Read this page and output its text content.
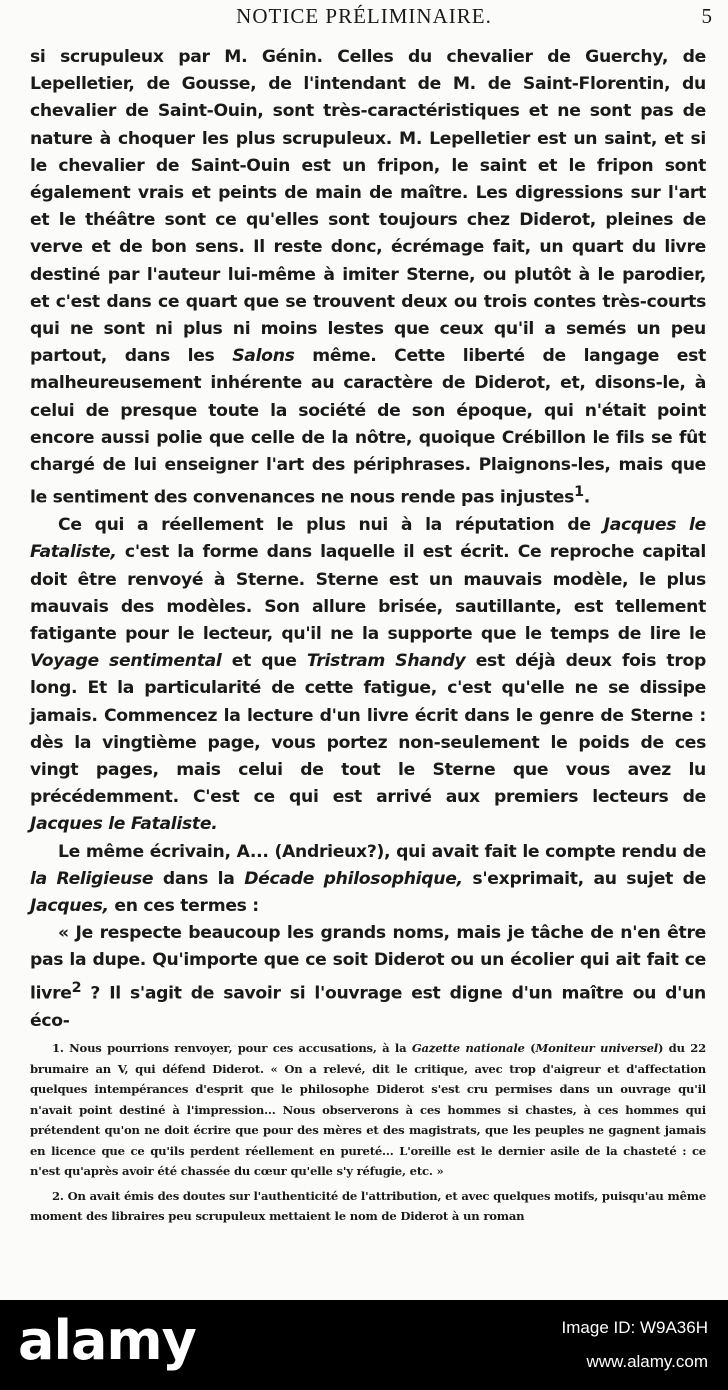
NOTICE PRÉLIMINAIRE.	5

si scrupuleux par M. Génin. Celles du chevalier de Guerchy, de Lepelletier, de Gousse, de l'intendant de M. de Saint-Florentin, du chevalier de Saint-Ouin, sont très-caractéristiques et ne sont pas de nature à choquer les plus scrupuleux. M. Lepelletier est un saint, et si le chevalier de Saint-Ouin est un fripon, le saint et le fripon sont également vrais et peints de main de maître. Les digressions sur l'art et le théâtre sont ce qu'elles sont toujours chez Diderot, pleines de verve et de bon sens. Il reste donc, écrémage fait, un quart du livre destiné par l'auteur lui-même à imiter Sterne, ou plutôt à le parodier, et c'est dans ce quart que se trouvent deux ou trois contes très-courts qui ne sont ni plus ni moins lestes que ceux qu'il a semés un peu partout, dans les Salons même. Cette liberté de langage est malheureusement inhérente au caractère de Diderot, et, disons-le, à celui de presque toute la société de son époque, qui n'était point encore aussi polie que celle de la nôtre, quoique Crébillon le fils se fût chargé de lui enseigner l'art des périphrases. Plaignons-les, mais que le sentiment des convenances ne nous rende pas injustes$^1$.

Ce qui a réellement le plus nui à la réputation de Jacques le Fataliste, c'est la forme dans laquelle il est écrit. Ce reproche capital doit être renvoyé à Sterne. Sterne est un mauvais modèle, le plus mauvais des modèles. Son allure brisée, sautillante, est tellement fatigante pour le lecteur, qu'il ne la supporte que le temps de lire le Voyage sentimental et que Tristram Shandy est déjà deux fois trop long. Et la particularité de cette fatigue, c'est qu'elle ne se dissipe jamais. Commencez la lecture d'un livre écrit dans le genre de Sterne : dès la vingtième page, vous portez non-seulement le poids de ces vingt pages, mais celui de tout le Sterne que vous avez lu précédemment. C'est ce qui est arrivé aux premiers lecteurs de Jacques le Fataliste.

Le même écrivain, A... (Andrieux?), qui avait fait le compte rendu de la Religieuse dans la Décade philosophique, s'exprimait, au sujet de Jacques, en ces termes :

« Je respecte beaucoup les grands noms, mais je tâche de n'en être pas la dupe. Qu'importe que ce soit Diderot ou un écolier qui ait fait ce livre$^2$ ? Il s'agit de savoir si l'ouvrage est digne d'un maître ou d'un éco-

1. Nous pourrions renvoyer, pour ces accusations, à la Gazette nationale (Moniteur universel) du 22 brumaire an V, qui défend Diderot. « On a relevé, dit le critique, avec trop d'aigreur et d'affectation quelques intempérances d'esprit que le philosophe Diderot s'est cru permises dans un ouvrage qu'il n'avait point destiné à l'impression... Nous observerons à ces hommes si chastes, à ces hommes qui prétendent qu'on ne doit écrire que pour des mères et des magistrats, que les peuples ne gagnent jamais en licence que ce qu'ils perdent réellement en pureté... L'oreille est le dernier asile de la chasteté : ce n'est qu'après avoir été chassée du cœur qu'elle s'y réfugie, etc. »

2. On avait émis des doutes sur l'authenticité de l'attribution, et avec quelques motifs, puisqu'au même moment des libraires peu scrupuleux mettaient le nom de Diderot à un roman

alamy	Image ID: W9A36H
www.alamy.com
